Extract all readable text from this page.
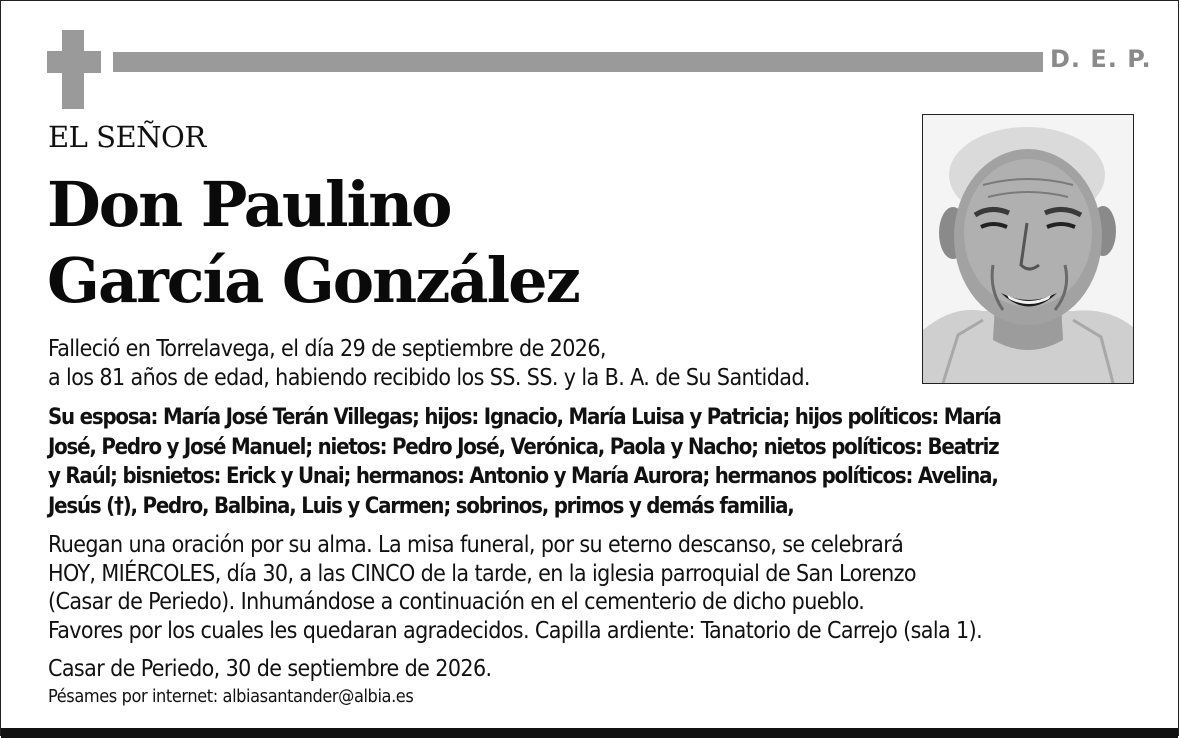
D. E. P.
EL SEÑOR
Don Paulino
García González
Falleció en Torrelavega, el día 29 de septiembre de 2026,
a los 81 años de edad, habiendo recibido los SS. SS. y la B. A. de Su Santidad.
Su esposa: María José Terán Villegas; hijos: Ignacio, María Luisa y Patricia; hijos políticos: María
José, Pedro y José Manuel; nietos: Pedro José, Verónica, Paola y Nacho; nietos políticos: Beatriz
y Raúl; bisnietos: Erick y Unai; hermanos: Antonio y María Aurora; hermanos políticos: Avelina,
Jesús (†), Pedro, Balbina, Luis y Carmen; sobrinos, primos y demás familia,
Ruegan una oración por su alma. La misa funeral, por su eterno descanso, se celebrará
HOY, MIÉRCOLES, día 30, a las CINCO de la tarde, en la iglesia parroquial de San Lorenzo
(Casar de Periedo). Inhumándose a continuación en el cementerio de dicho pueblo.
Favores por los cuales les quedaran agradecidos. Capilla ardiente: Tanatorio de Carrejo (sala 1).
Casar de Periedo, 30 de septiembre de 2026.
Pésames por internet: albiasantander@albia.es
